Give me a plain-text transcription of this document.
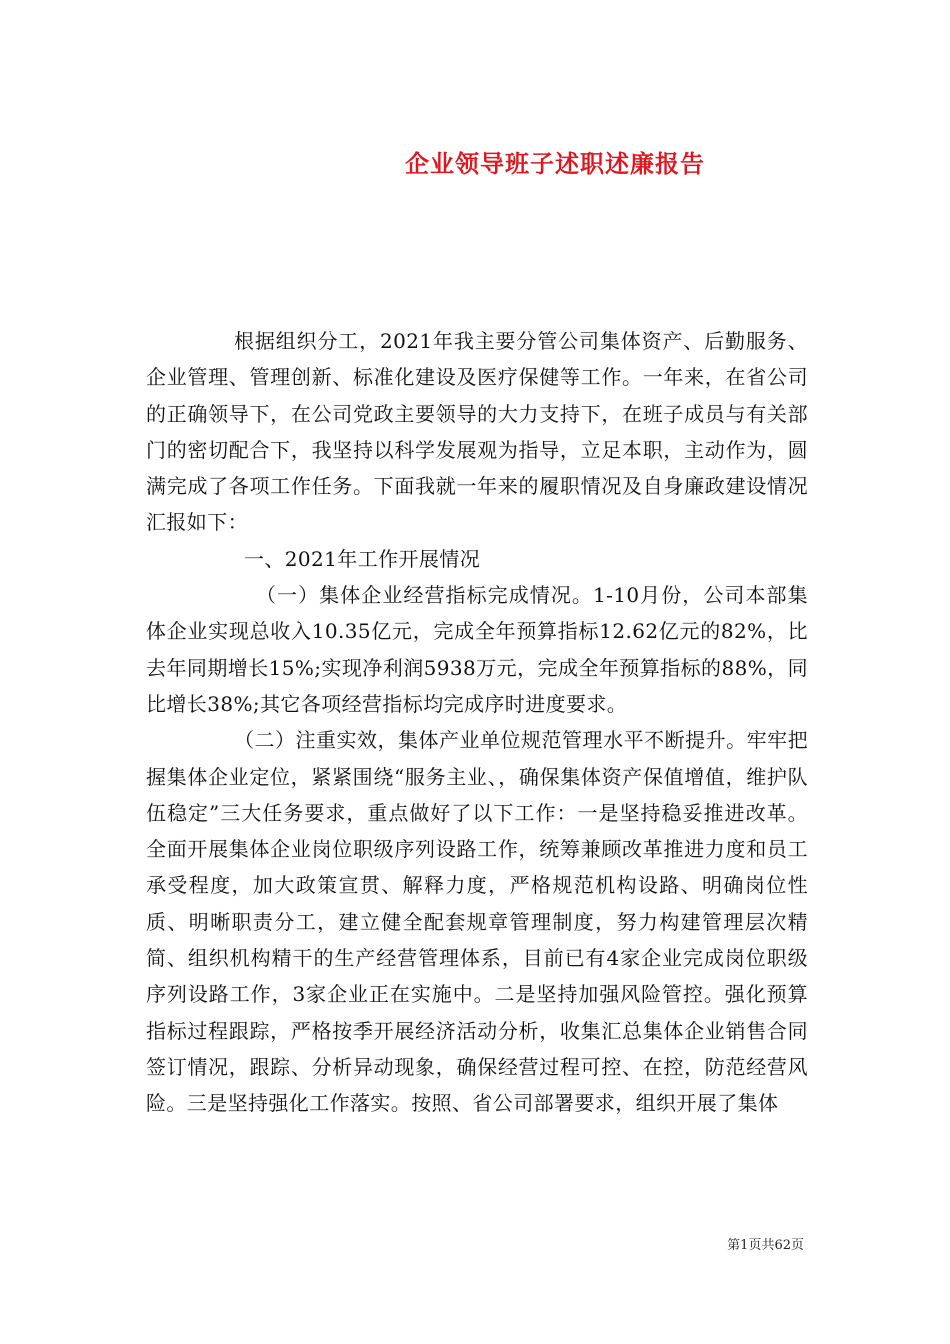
企业领导班子述职述廉报告

根据组织分工，2021年我主要分管公司集体资产、后勤服务、企业管理、管理创新、标准化建设及医疗保健等工作。一年来，在省公司的正确领导下，在公司党政主要领导的大力支持下，在班子成员与有关部门的密切配合下，我坚持以科学发展观为指导，立足本职，主动作为，圆满完成了各项工作任务。下面我就一年来的履职情况及自身廉政建设情况汇报如下：

一、2021年工作开展情况

（一）集体企业经营指标完成情况。1-10月份，公司本部集体企业实现总收入10.35亿元，完成全年预算指标12.62亿元的82%，比去年同期增长15%;实现净利润5938万元，完成全年预算指标的88%，同比增长38%;其它各项经营指标均完成序时进度要求。

（二）注重实效，集体产业单位规范管理水平不断提升。牢牢把握集体企业定位，紧紧围绕“服务主业、，确保集体资产保值增值，维护队伍稳定”三大任务要求，重点做好了以下工作：一是坚持稳妥推进改革。全面开展集体企业岗位职级序列设路工作，统筹兼顾改革推进力度和员工承受程度，加大政策宣贯、解释力度，严格规范机构设路、明确岗位性质、明晰职责分工，建立健全配套规章管理制度，努力构建管理层次精简、组织机构精干的生产经营管理体系，目前已有4家企业完成岗位职级序列设路工作，3家企业正在实施中。二是坚持加强风险管控。强化预算指标过程跟踪，严格按季开展经济活动分析，收集汇总集体企业销售合同签订情况，跟踪、分析异动现象，确保经营过程可控、在控，防范经营风险。三是坚持强化工作落实。按照、省公司部署要求，组织开展了集体

第1页共62页
